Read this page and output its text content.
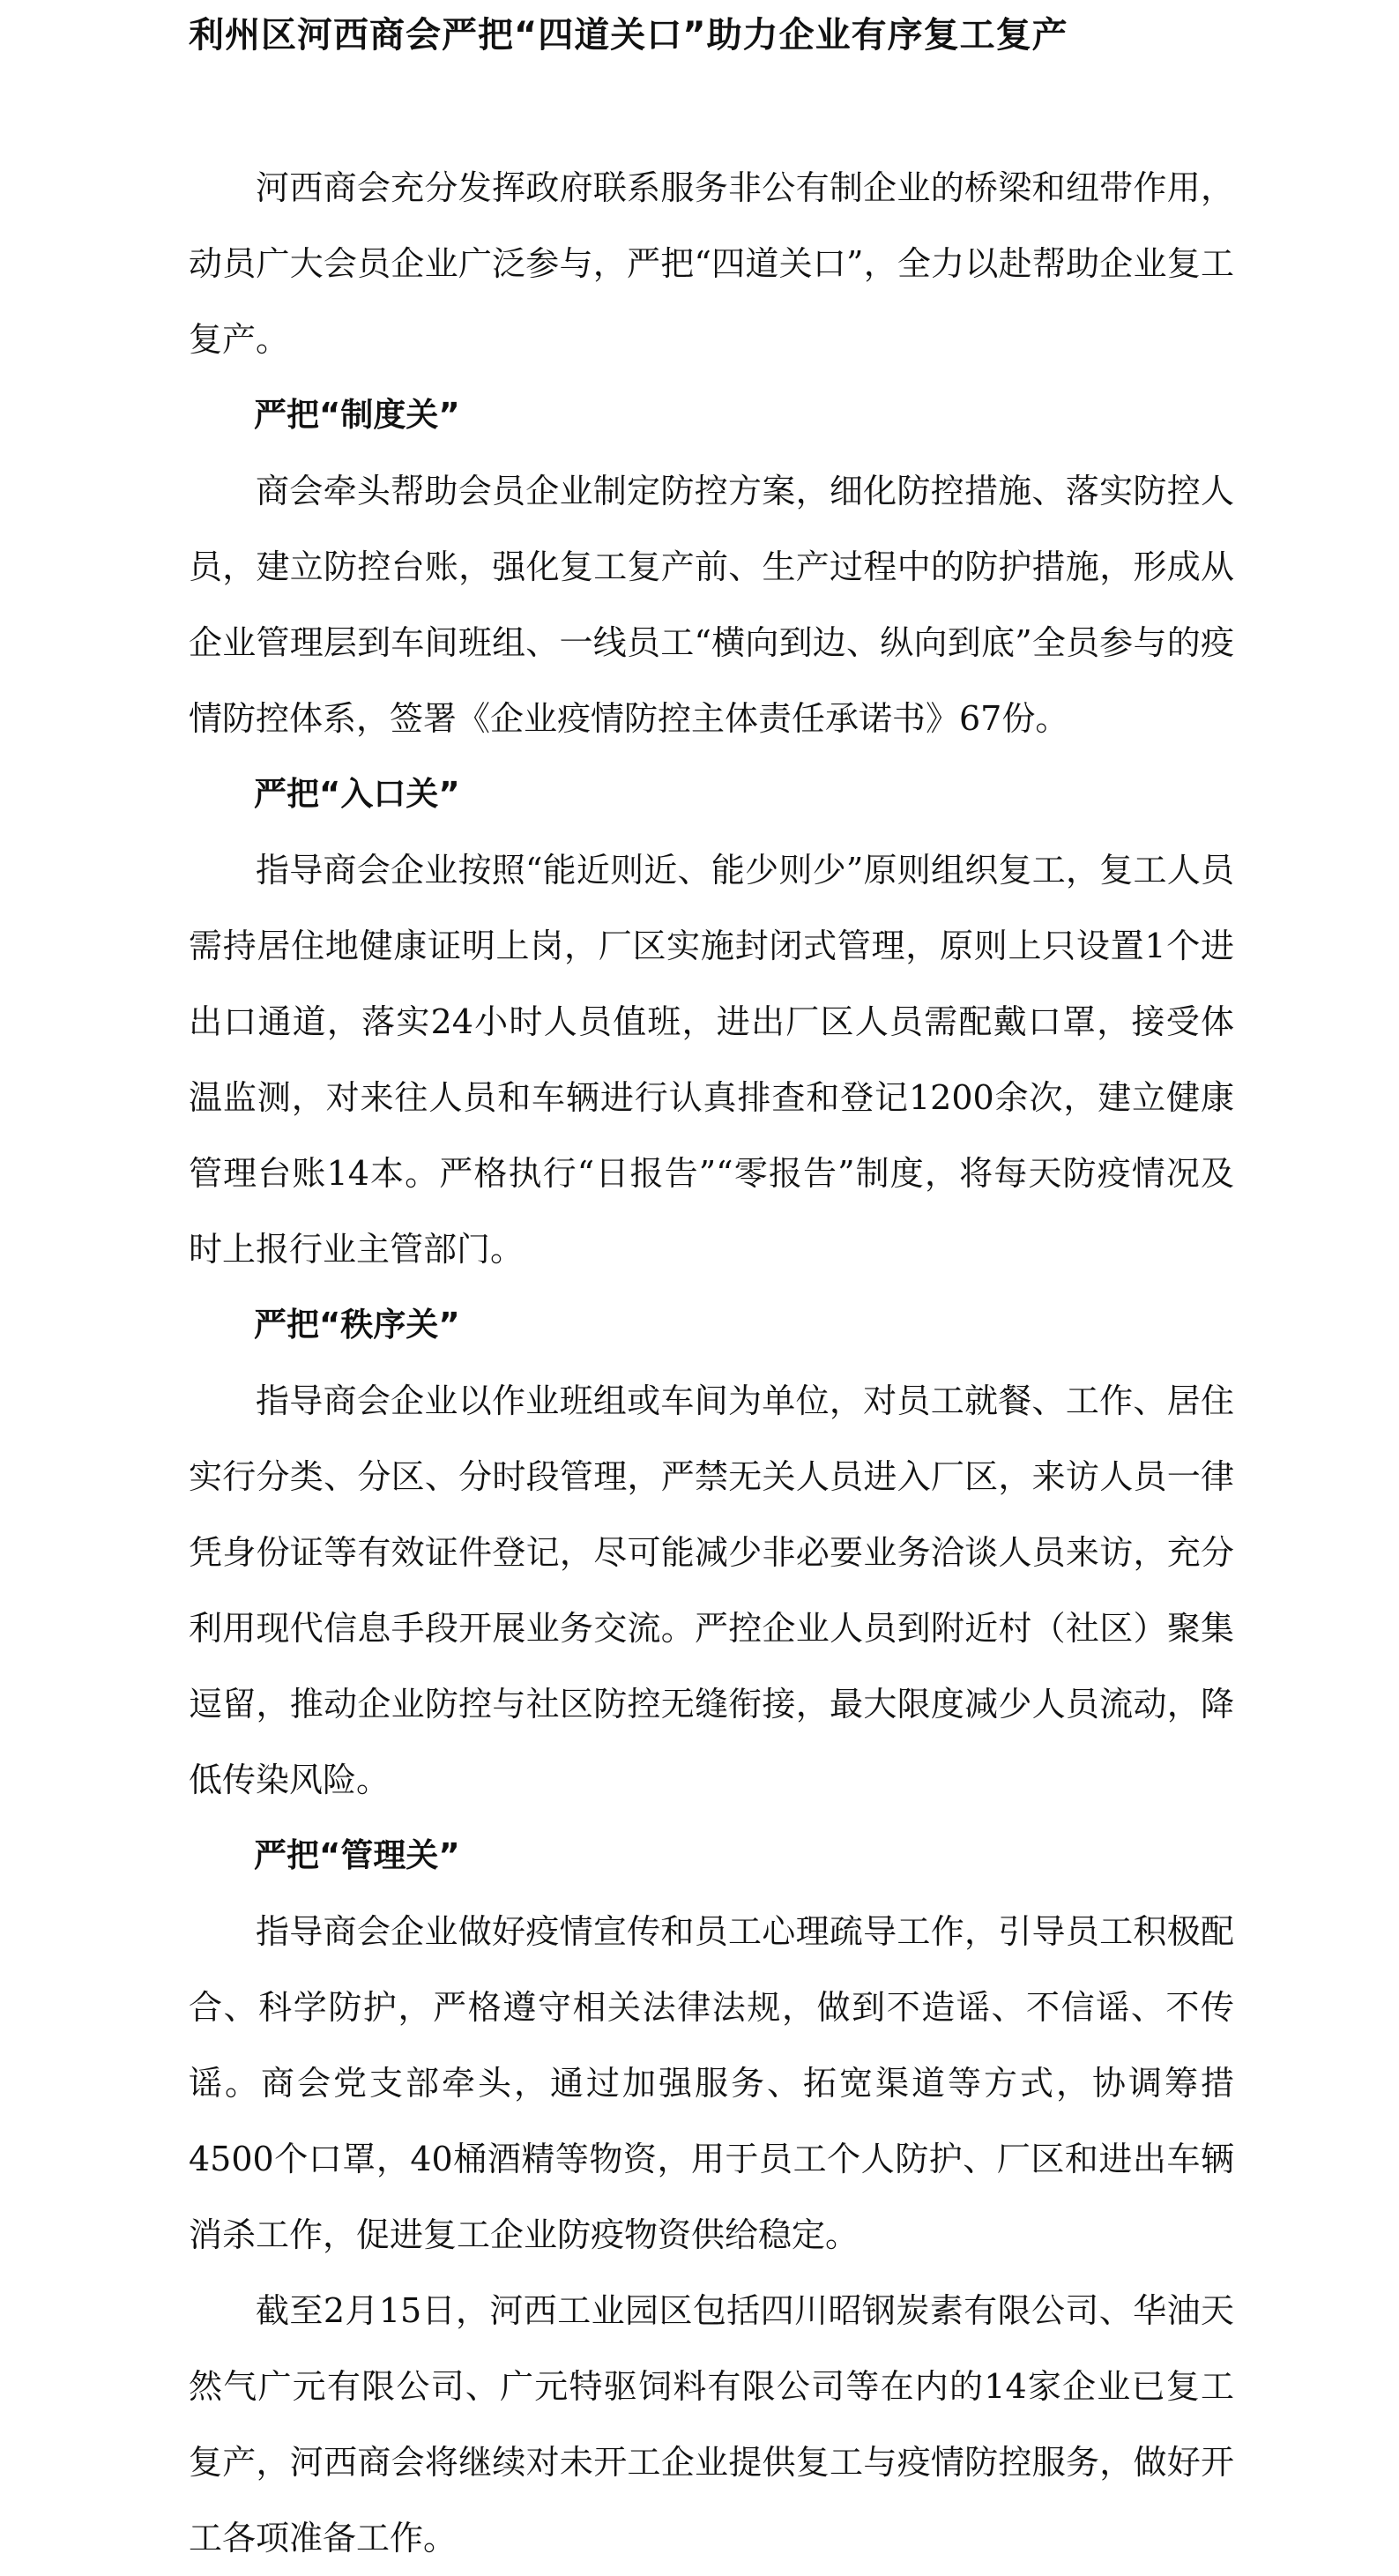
利州区河西商会严把“四道关口”助力企业有序复工复产

河西商会充分发挥政府联系服务非公有制企业的桥梁和纽带作用，动员广大会员企业广泛参与，严把“四道关口”，全力以赴帮助企业复工复产。

严把“制度关”

商会牵头帮助会员企业制定防控方案，细化防控措施、落实防控人员，建立防控台账，强化复工复产前、生产过程中的防护措施，形成从企业管理层到车间班组、一线员工“横向到边、纵向到底”全员参与的疫情防控体系，签署《企业疫情防控主体责任承诺书》67份。

严把“入口关”

指导商会企业按照“能近则近、能少则少”原则组织复工，复工人员需持居住地健康证明上岗，厂区实施封闭式管理，原则上只设置1个进出口通道，落实24小时人员值班，进出厂区人员需配戴口罩，接受体温监测，对来往人员和车辆进行认真排查和登记1200余次，建立健康管理台账14本。严格执行“日报告”“零报告”制度，将每天防疫情况及时上报行业主管部门。

严把“秩序关”

指导商会企业以作业班组或车间为单位，对员工就餐、工作、居住实行分类、分区、分时段管理，严禁无关人员进入厂区，来访人员一律凭身份证等有效证件登记，尽可能减少非必要业务洽谈人员来访，充分利用现代信息手段开展业务交流。严控企业人员到附近村（社区）聚集逗留，推动企业防控与社区防控无缝衔接，最大限度减少人员流动，降低传染风险。

严把“管理关”

指导商会企业做好疫情宣传和员工心理疏导工作，引导员工积极配合、科学防护，严格遵守相关法律法规，做到不造谣、不信谣、不传谣。商会党支部牵头，通过加强服务、拓宽渠道等方式，协调筹措4500个口罩，40桶酒精等物资，用于员工个人防护、厂区和进出车辆消杀工作，促进复工企业防疫物资供给稳定。

截至2月15日，河西工业园区包括四川昭钢炭素有限公司、华油天然气广元有限公司、广元特驱饲料有限公司等在内的14家企业已复工复产，河西商会将继续对未开工企业提供复工与疫情防控服务，做好开工各项准备工作。
